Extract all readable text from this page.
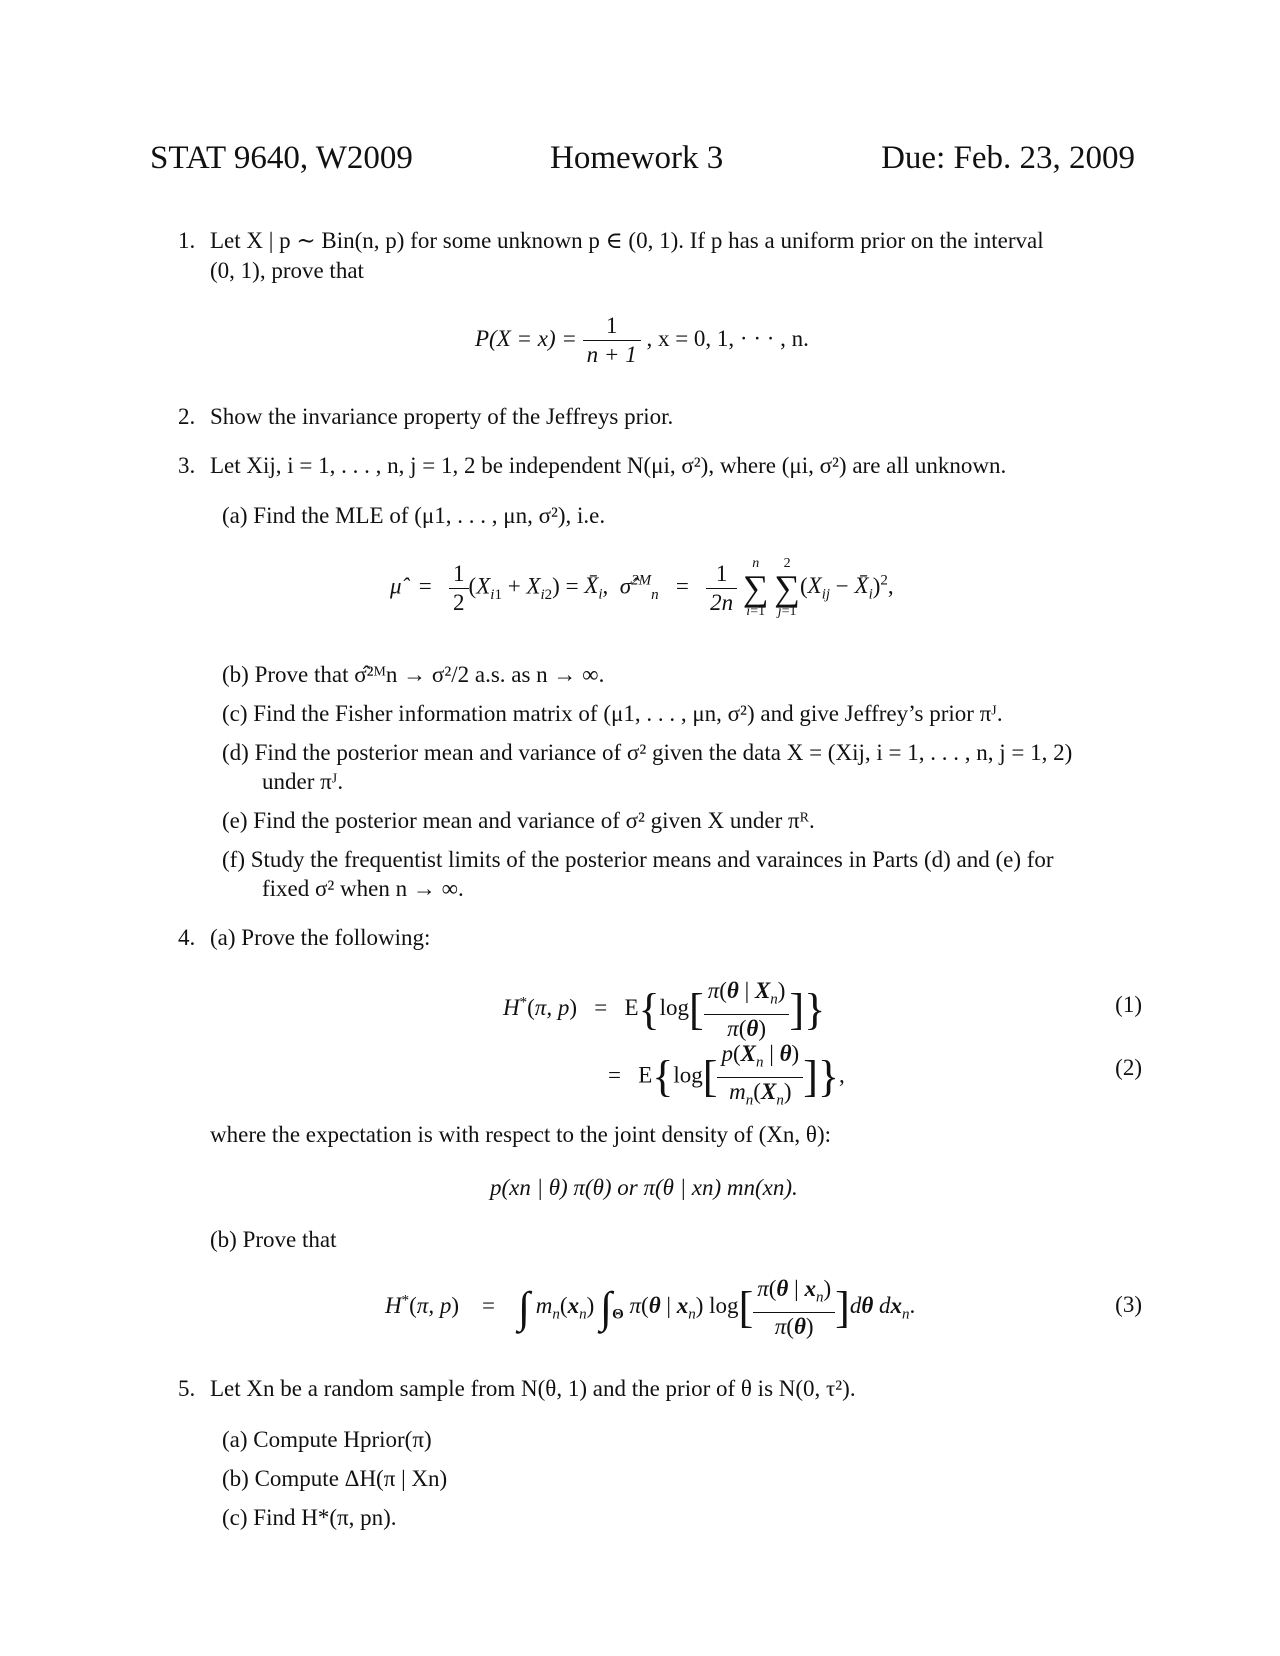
STAT 9640, W2009	Homework 3	Due: Feb. 23, 2009
1. Let X | p ∼ Bin(n, p) for some unknown p ∈ (0, 1). If p has a uniform prior on the interval
(0, 1), prove that
$P(X = x) = \frac{1}{n + 1}$ , x = 0, 1, · · · , n.
2. Show the invariance property of the Jeffreys prior.
3. Let Xij, i = 1, . . . , n, j = 1, 2 be independent N(μi, σ²), where (μi, σ²) are all unknown.
(a) Find the MLE of (μ1, . . . , μn, σ²), i.e.
μ̂   = $\frac{1}{2} (X_{i1} + X_{i2})$ = $X̄_i$,  σ̂$^{2M}_n$   = $\frac{1}{2n}$ n
∑
i=1 2
∑
$j=1(X_{ij}$ − $X̄_i)^2$,
(b) Prove that σ̂²ᴹn → σ²/2 a.s. as n → ∞.
(c) Find the Fisher information matrix of (μ1, . . . , μn, σ²) and give Jeffrey’s prior πᴶ.
(d) Find the posterior mean and variance of σ² given the data X = (Xij, i = 1, . . . , n, j = 1, 2)
under πᴶ.
(e) Find the posterior mean and variance of σ² given X under πᴿ.
(f) Study the frequentist limits of the posterior means and varainces in Parts (d) and (e) for
fixed σ² when n → ∞.
4. (a) Prove the following:
H*(π, $p) = E\{\log[ \frac{\pi(\theta | X_n)}{\pi(\theta)}$ ]}	(1)
=   $E\{\log[ \frac{p(X_n | \theta)}{m_n(X_n)}$ ]},	(2)
where the expectation is with respect to the joint density of (Xn, θ):
p(xn | θ) π(θ) or π(θ | xn) mn(xn).
(b) Prove that
H*(π, p)    =    ∫ $m_n(x_n)$ $\int_\Theta$ π(θ | $x_n$) $\log[ \frac{\pi(\theta | x_n)}{\pi(\theta)} ]d\theta$ $dx_n$.	(3)
5. Let Xn be a random sample from N(θ, 1) and the prior of θ is N(0, τ²).
(a) Compute Hprior(π)
(b) Compute ΔH(π | Xn)
(c) Find H*(π, pn).
